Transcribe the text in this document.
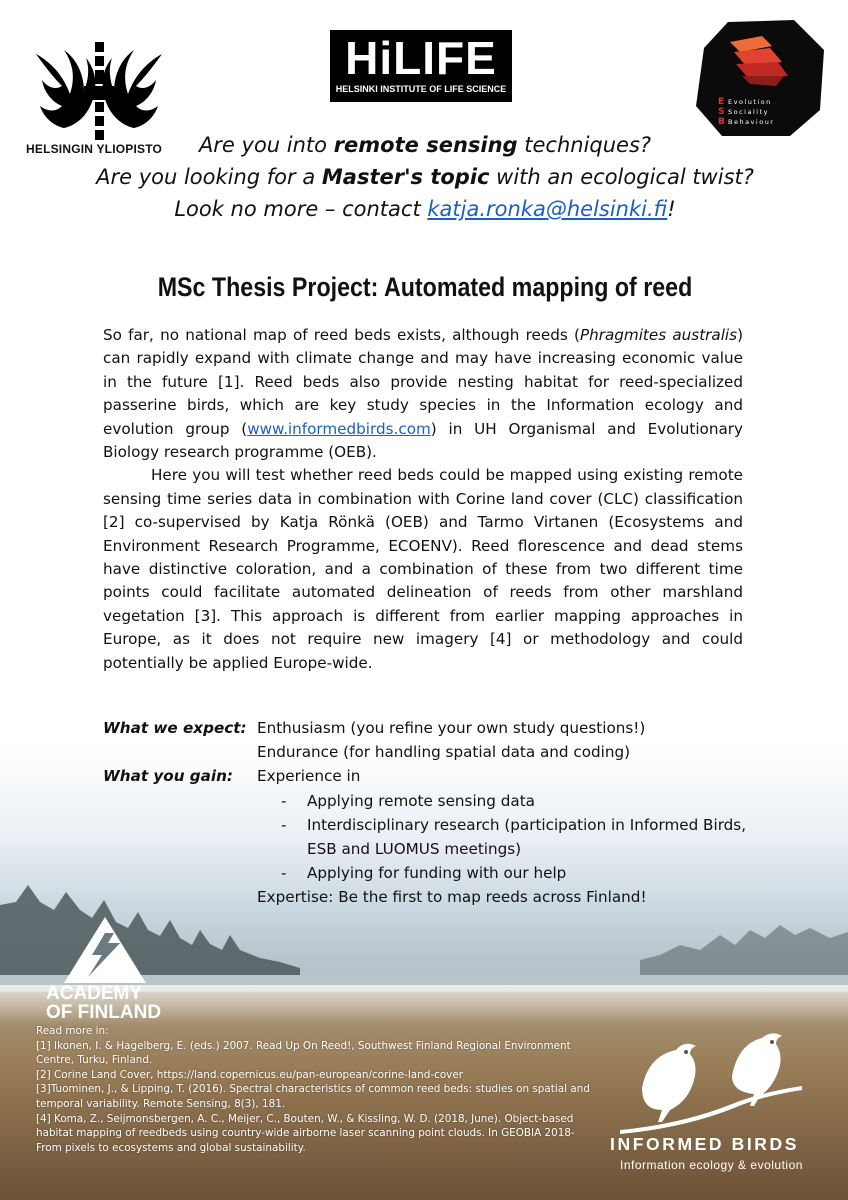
HELSINGIN YLIOPISTO
HiLIFE
HELSINKI INSTITUTE OF LIFE SCIENCE
E
S
B
Evolution
Sociality
Behaviour
Are you into remote sensing techniques?
Are you looking for a Master's topic with an ecological twist?
Look no more – contact katja.ronka@helsinki.fi!
MSc Thesis Project: Automated mapping of reed

So far, no national map of reed beds exists, although reeds (Phragmites australis) can rapidly expand with climate change and may have increasing economic value in the future [1]. Reed beds also provide nesting habitat for reed-specialized passerine birds, which are key study species in the Information ecology and evolution group (www.informedbirds.com) in UH Organismal and Evolutionary Biology research programme (OEB).

Here you will test whether reed beds could be mapped using existing remote sensing time series data in combination with Corine land cover (CLC) classification [2] co-supervised by Katja Rönkä (OEB) and Tarmo Virtanen (Ecosystems and Environment Research Programme, ECOENV). Reed florescence and dead stems have distinctive coloration, and a combination of these from two different time points could facilitate automated delineation of reeds from other marshland vegetation [3]. This approach is different from earlier mapping approaches in Europe, as it does not require new imagery [4] or methodology and could potentially be applied Europe-wide.

What we expect: Enthusiasm (you refine your own study questions!)
Endurance (for handling spatial data and coding)
What you gain:	Experience in
-	Applying remote sensing data
-	Interdisciplinary research (participation in Informed Birds, ESB and LUOMUS meetings)
-	Applying for funding with our help
Expertise: Be the first to map reeds across Finland!
ACADEMY
OF FINLAND
Read more in:
[1] Ikonen, I. & Hagelberg, E. (eds.) 2007. Read Up On Reed!, Southwest Finland Regional Environment Centre, Turku, Finland.
[2] Corine Land Cover, https://land.copernicus.eu/pan-european/corine-land-cover
[3]Tuominen, J., & Lipping, T. (2016). Spectral characteristics of common reed beds: studies on spatial and temporal variability. Remote Sensing, 8(3), 181.
[4] Koma, Z., Seijmonsbergen, A. C., Meijer, C., Bouten, W., & Kissling, W. D. (2018, June). Object-based habitat mapping of reedbeds using country-wide airborne laser scanning point clouds. In GEOBIA 2018-From pixels to ecosystems and global sustainability.	INFORMED BIRDS
Information ecology & evolution
